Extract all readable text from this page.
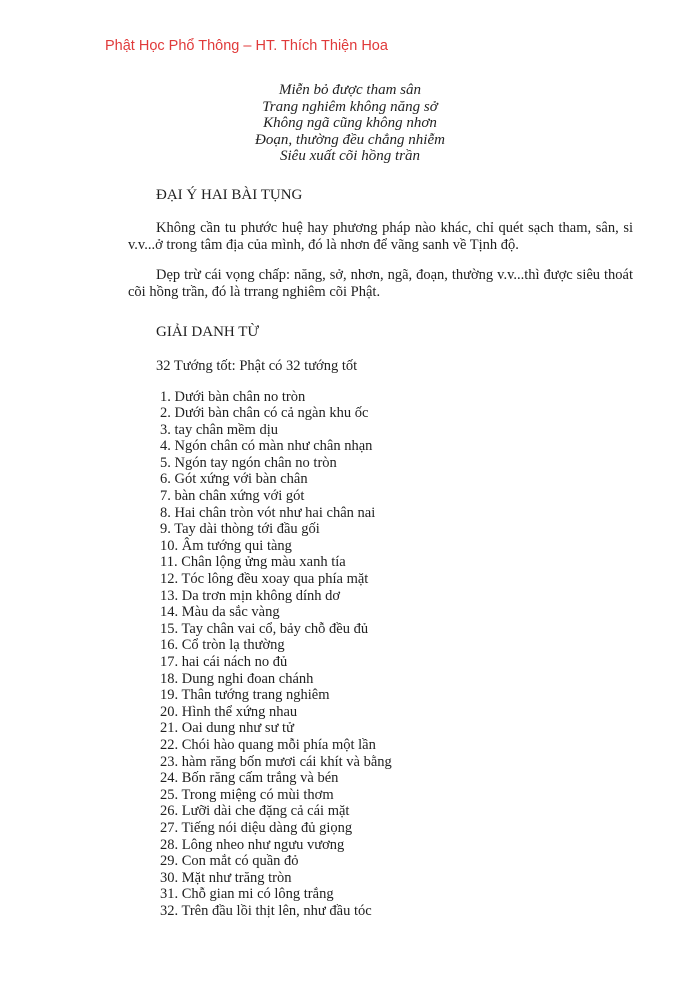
Phật Học Phổ Thông – HT. Thích Thiện Hoa
Miễn bỏ được tham sân
Trang nghiêm không năng sở
Không ngã cũng không nhơn
Đoạn, thường đều chẳng nhiễm
Siêu xuất cõi hồng trần
ĐẠI Ý HAI BÀI TỤNG
Không cần tu phước huệ hay phương pháp nào khác, chỉ quét sạch tham, sân, si v.v...ở trong tâm địa của mình, đó là nhơn để vãng sanh về Tịnh độ.
Dẹp trừ cái vọng chấp: năng, sở, nhơn, ngã, đoạn, thường v.v...thì được siêu thoát cõi hồng trần, đó là trrang nghiêm cõi Phật.
GIẢI DANH TỪ
32 Tướng tốt: Phật có 32 tướng tốt
1. Dưới bàn chân no tròn
2. Dưới bàn chân có cả ngàn khu ốc
3. tay chân mềm dịu
4. Ngón chân có màn như chân nhạn
5. Ngón tay ngón chân no tròn
6. Gót xứng với bàn chân
7. bàn chân xứng với gót
8. Hai chân tròn vót như hai chân nai
9. Tay dài thòng tới đầu gối
10. Âm tướng qui tàng
11. Chân lộng ửng màu xanh tía
12. Tóc lông đều xoay qua phía mặt
13. Da trơn mịn không dính dơ
14. Màu da sắc vàng
15. Tay chân vai cổ, bảy chỗ đều đủ
16. Cổ tròn lạ thường
17. hai cái nách no đủ
18. Dung nghi đoan chánh
19. Thân tướng trang nghiêm
20. Hình thể xứng nhau
21. Oai dung như sư tử
22. Chói hào quang mỗi phía một lần
23. hàm răng bốn mươi cái khít và bằng
24. Bốn răng cấm trắng và bén
25. Trong miệng có mùi thơm
26. Lưỡi dài che đặng cả cái mặt
27. Tiếng nói diệu dàng đủ giọng
28. Lông nheo như ngưu vương
29. Con mắt có quần đỏ
30. Mặt như trăng tròn
31. Chỗ gian mi có lông trắng
32. Trên đầu lồi thịt lên, như đầu tóc
